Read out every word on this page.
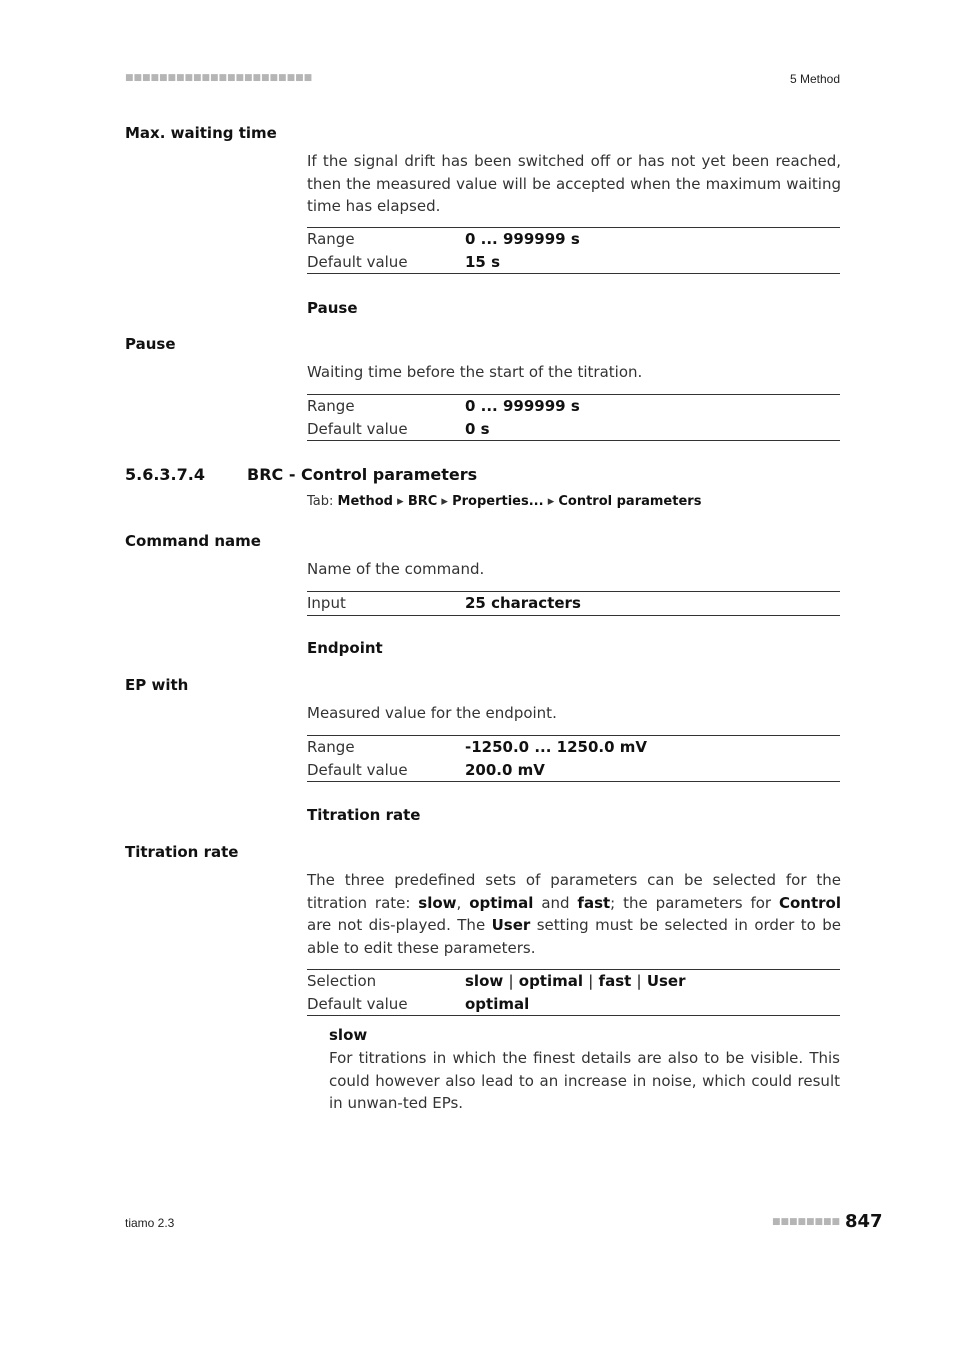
■■■■■■■■■■■■■■■■■■■■■■	5 Method
Max. waiting time
If the signal drift has been switched off or has not yet been reached, then the measured value will be accepted when the maximum waiting time has elapsed.
Range	0 ... 999999 s
Default value	15 s
Pause
Pause
Waiting time before the start of the titration.
Range	0 ... 999999 s
Default value	0 s
5.6.3.7.4	BRC - Control parameters
Tab: Method ▸ BRC ▸ Properties... ▸ Control parameters
Command name
Name of the command.
Input	25 characters
Endpoint
EP with
Measured value for the endpoint.
Range	-1250.0 ... 1250.0 mV
Default value	200.0 mV
Titration rate
Titration rate
The three predefined sets of parameters can be selected for the titration rate: slow, optimal and fast; the parameters for Control are not dis-played. The User setting must be selected in order to be able to edit these parameters.
Selection	slow | optimal | fast | User
Default value	optimal
slow
For titrations in which the finest details are also to be visible. This could however also lead to an increase in noise, which could result in unwan-ted EPs.
tiamo 2.3	■■■■■■■■ 847
